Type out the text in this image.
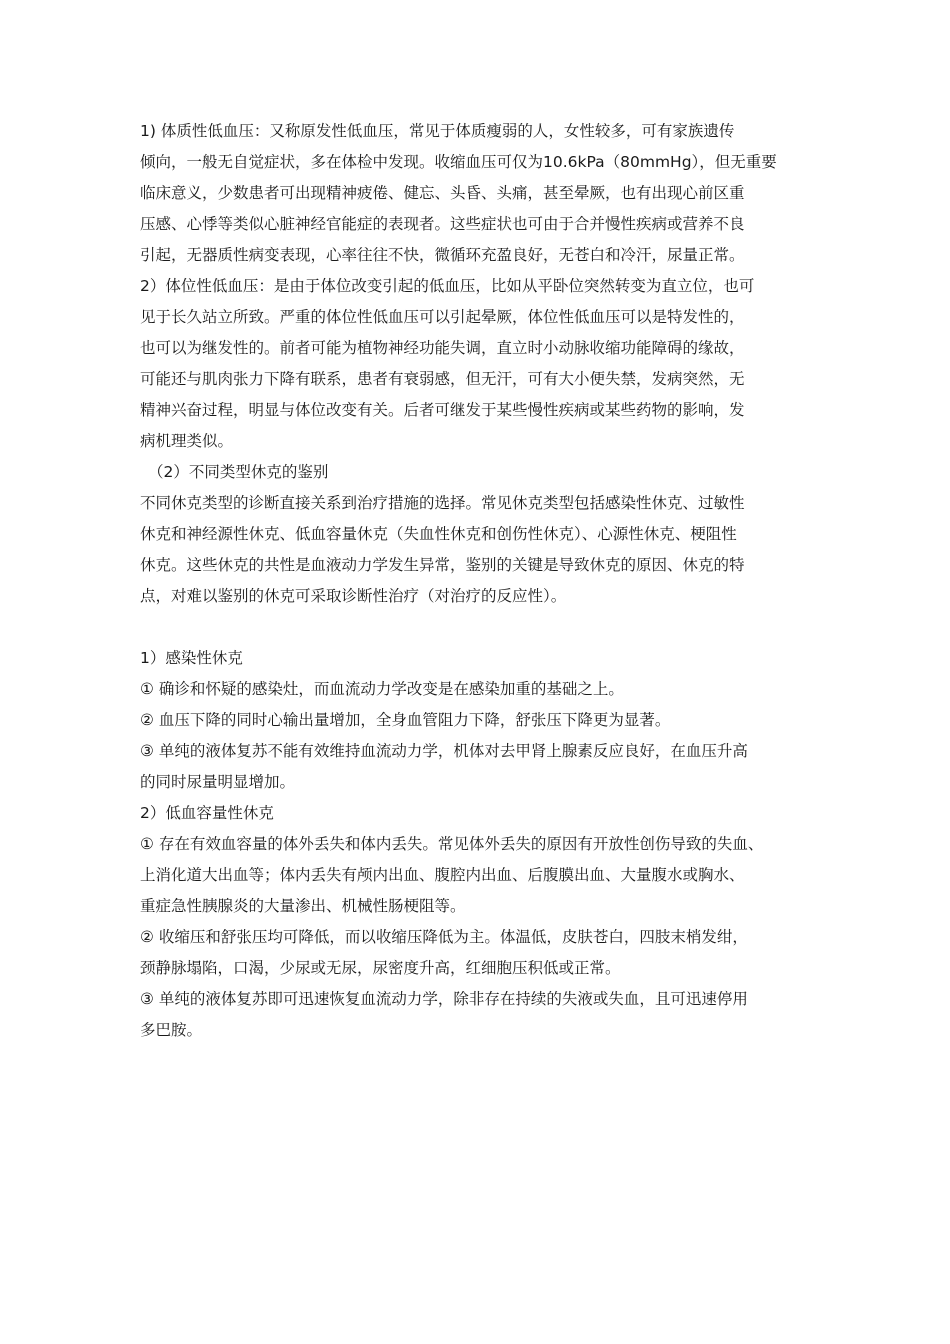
1) 体质性低血压：又称原发性低血压，常见于体质瘦弱的人，女性较多，可有家族遗传
倾向，一般无自觉症状，多在体检中发现。收缩血压可仅为10.6kPa（80mmHg），但无重要
临床意义，少数患者可出现精神疲倦、健忘、头昏、头痛，甚至晕厥，也有出现心前区重
压感、心悸等类似心脏神经官能症的表现者。这些症状也可由于合并慢性疾病或营养不良
引起，无器质性病变表现，心率往往不快，微循环充盈良好，无苍白和冷汗，尿量正常。
2）体位性低血压：是由于体位改变引起的低血压，比如从平卧位突然转变为直立位，也可
见于长久站立所致。严重的体位性低血压可以引起晕厥，体位性低血压可以是特发性的，
也可以为继发性的。前者可能为植物神经功能失调，直立时小动脉收缩功能障碍的缘故，
可能还与肌肉张力下降有联系，患者有衰弱感，但无汗，可有大小便失禁，发病突然，无
精神兴奋过程，明显与体位改变有关。后者可继发于某些慢性疾病或某些药物的影响，发
病机理类似。
（2）不同类型休克的鉴别
不同休克类型的诊断直接关系到治疗措施的选择。常见休克类型包括感染性休克、过敏性
休克和神经源性休克、低血容量休克（失血性休克和创伤性休克）、心源性休克、梗阻性
休克。这些休克的共性是血液动力学发生异常，鉴别的关键是导致休克的原因、休克的特
点，对难以鉴别的休克可采取诊断性治疗（对治疗的反应性）。
1）感染性休克
① 确诊和怀疑的感染灶，而血流动力学改变是在感染加重的基础之上。
② 血压下降的同时心输出量增加，全身血管阻力下降，舒张压下降更为显著。
③ 单纯的液体复苏不能有效维持血流动力学，机体对去甲肾上腺素反应良好，在血压升高
的同时尿量明显增加。
2）低血容量性休克
① 存在有效血容量的体外丢失和体内丢失。常见体外丢失的原因有开放性创伤导致的失血、
上消化道大出血等；体内丢失有颅内出血、腹腔内出血、后腹膜出血、大量腹水或胸水、
重症急性胰腺炎的大量渗出、机械性肠梗阻等。
② 收缩压和舒张压均可降低，而以收缩压降低为主。体温低，皮肤苍白，四肢末梢发绀，
颈静脉塌陷，口渴，少尿或无尿，尿密度升高，红细胞压积低或正常。
③ 单纯的液体复苏即可迅速恢复血流动力学，除非存在持续的失液或失血，且可迅速停用
多巴胺。
